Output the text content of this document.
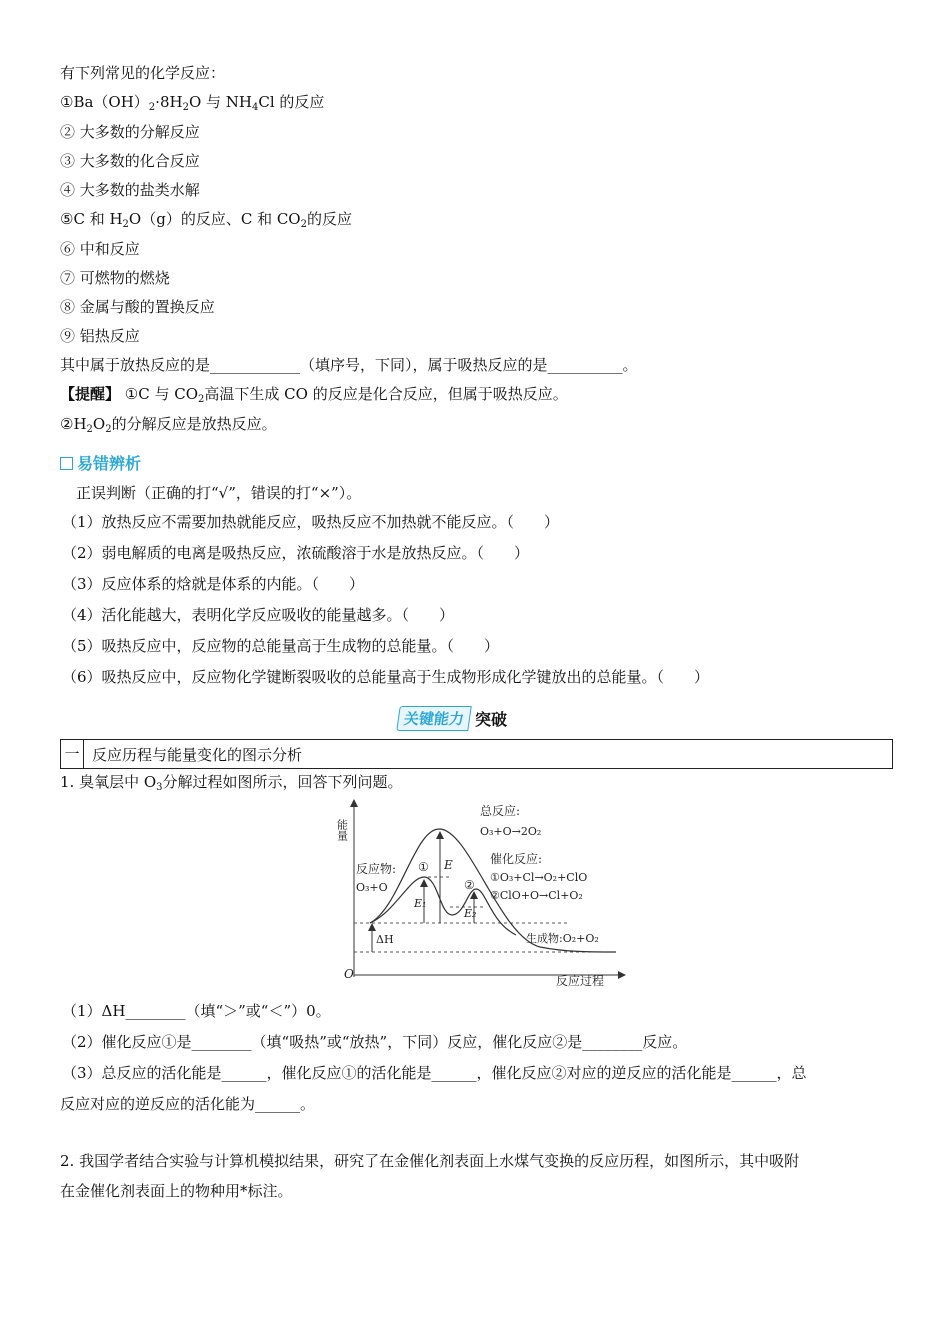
有下列常见的化学反应：
$①Ba(OH)_2\cdot 8H_2O$ 与 $NH_4Cl$ 的反应
② 大多数的分解反应
③ 大多数的化合反应
④ 大多数的盐类水解
⑤C 和 $H_2O(g)$的反应、C 和 $CO_2$的反应
⑥ 中和反应
⑦ 可燃物的燃烧
⑧ 金属与酸的置换反应
⑨ 铝热反应
其中属于放热反应的是____________（填序号，下同），属于吸热反应的是__________。
【提醒】 ①C 与 $CO_2$高温下生成 CO 的反应是化合反应，但属于吸热反应。
$②H_2O_2$的分解反应是放热反应。
易错辨析
正误判断（正确的打“√”，错误的打“×”）。
（1）放热反应不需要加热就能反应，吸热反应不加热就不能反应。（　　）
（2）弱电解质的电离是吸热反应，浓硫酸溶于水是放热反应。（　　）
（3）反应体系的焓就是体系的内能。（　　）
（4）活化能越大，表明化学反应吸收的能量越多。（　　）
（5）吸热反应中，反应物的总能量高于生成物的总能量。（　　）
（6）吸热反应中，反应物化学键断裂吸收的总能量高于生成物形成化学键放出的总能量。（　　）
关键能力 突破
一 反应历程与能量变化的图示分析
1. 臭氧层中 $O_3$分解过程如图所示，回答下列问题。
能量
反应过程
O
总反应:
O₃+O→2O₂
催化反应:
①O₃+Cl→O₂+ClO
②ClO+O→Cl+O₂
反应物:
O₃+O
生成物:O₂+O₂
E
E₁
E₂
ΔH
①
②
（1）ΔH________（填“＞”或“＜”）0。
（2）催化反应①是________（填“吸热”或“放热”，下同）反应，催化反应②是________反应。
（3）总反应的活化能是______，催化反应①的活化能是______，催化反应②对应的逆反应的活化能是______，总
反应对应的逆反应的活化能为______。
2. 我国学者结合实验与计算机模拟结果，研究了在金催化剂表面上水煤气变换的反应历程，如图所示，其中吸附
在金催化剂表面上的物种用*标注。
